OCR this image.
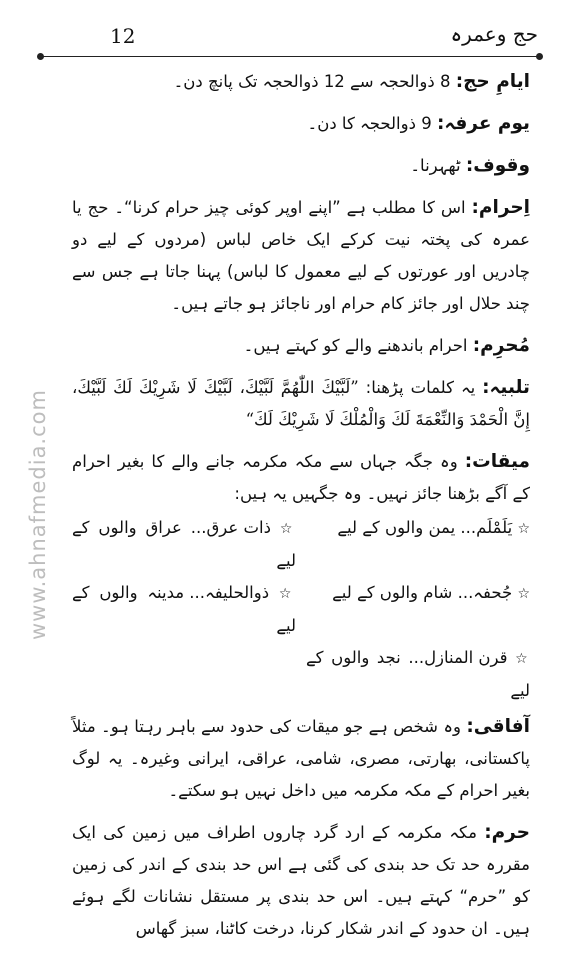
12	حج وعمرہ
www.ahnafmedia.com

ایامِ حج: 8 ذوالحجہ سے 12 ذوالحجہ تک پانچ دن۔

یوم عرفہ: 9 ذوالحجہ کا دن۔

وقوف: ٹھہرنا۔

اِحرام: اس کا مطلب ہے ”اپنے اوپر کوئی چیز حرام کرنا“۔ حج یا عمرہ کی پختہ نیت کرکے ایک خاص لباس (مردوں کے لیے دو چادریں اور عورتوں کے لیے معمول کا لباس) پہنا جاتا ہے جس سے چند حلال اور جائز کام حرام اور ناجائز ہو جاتے ہیں۔

مُحرِم: احرام باندھنے والے کو کہتے ہیں۔

تلبیہ: یہ کلمات پڑھنا: ”لَبَّيْكَ اللّٰهُمَّ لَبَّيْكَ، لَبَّيْكَ لَا شَرِيْكَ لَكَ لَبَّيْكَ، إِنَّ الْحَمْدَ وَالنِّعْمَةَ لَكَ وَالْمُلْكَ لَا شَرِيْكَ لَكَ“

میقات: وہ جگہ جہاں سے مکہ مکرمہ جانے والے کا بغیر احرام کے آگے بڑھنا جائز نہیں۔ وہ جگہیں یہ ہیں:

☆ یَلَمْلَم... یمن والوں کے لیے
☆ ذات عرق... عراق والوں کے لیے
☆ جُحفہ... شام والوں کے لیے
☆ ذوالحلیفہ... مدینہ والوں کے لیے
☆ قرن المنازل... نجد والوں کے لیے

آفاقی: وہ شخص ہے جو میقات کی حدود سے باہر رہتا ہو۔ مثلاً پاکستانی، بھارتی، مصری، شامی، عراقی، ایرانی وغیرہ۔ یہ لوگ بغیر احرام کے مکہ مکرمہ میں داخل نہیں ہو سکتے۔

حرم: مکہ مکرمہ کے ارد گرد چاروں اطراف میں زمین کی ایک مقررہ حد تک حد بندی کی گئی ہے اس حد بندی کے اندر کی زمین کو ”حرم“ کہتے ہیں۔ اس حد بندی پر مستقل نشانات لگے ہوئے ہیں۔ ان حدود کے اندر شکار کرنا، درخت کاٹنا، سبز گھاس
